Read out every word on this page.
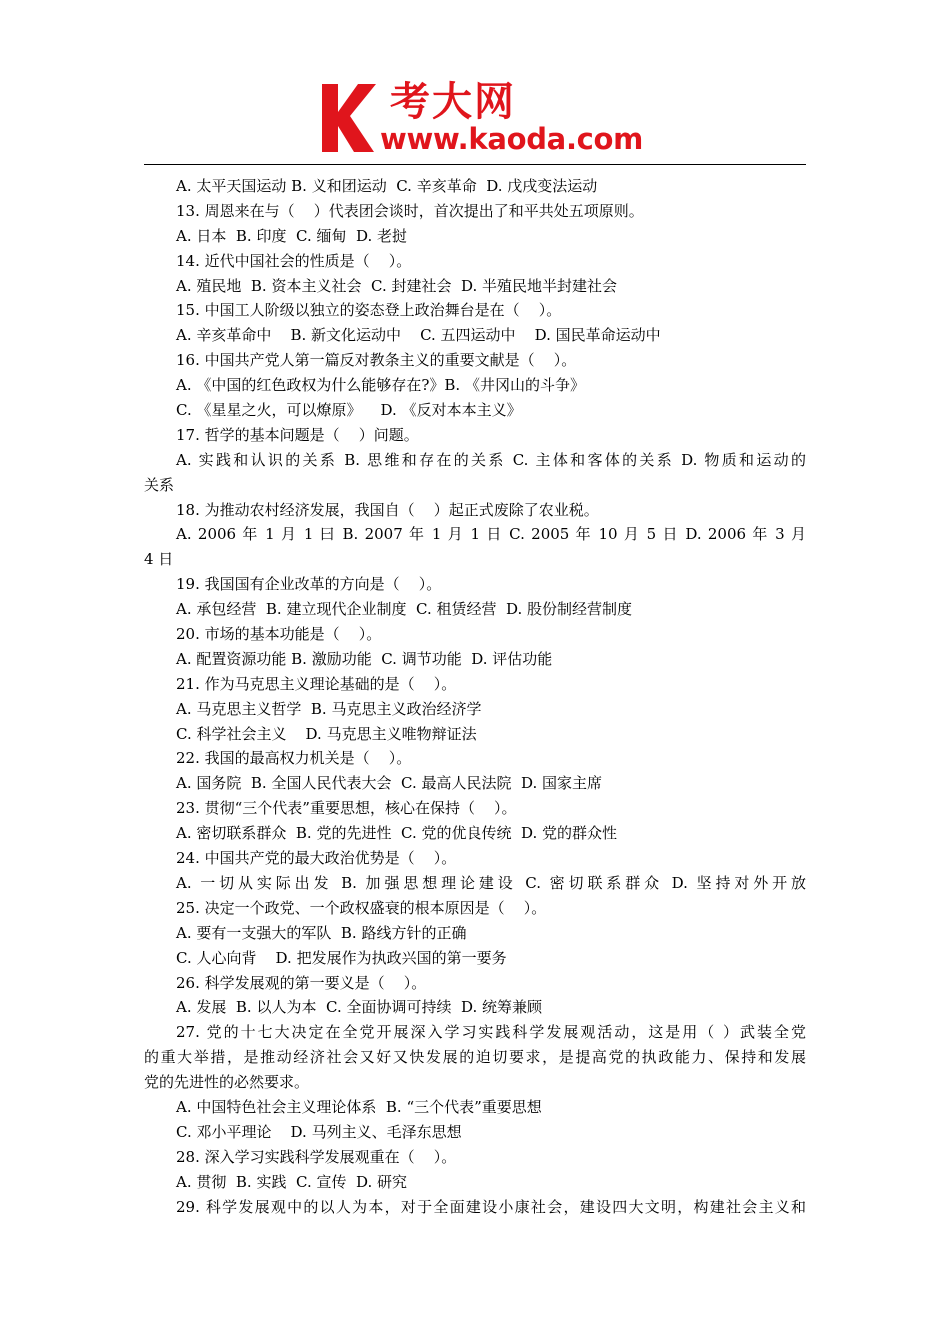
考大网
www.kaoda.com
A. 太平天国运动 B. 义和团运动  C. 辛亥革命  D. 戊戌变法运动
13. 周恩来在与（    ）代表团会谈时，首次提出了和平共处五项原则。
A. 日本  B. 印度  C. 缅甸  D. 老挝
14. 近代中国社会的性质是（    ）。
A. 殖民地  B. 资本主义社会  C. 封建社会  D. 半殖民地半封建社会
15. 中国工人阶级以独立的姿态登上政治舞台是在（    ）。
A. 辛亥革命中    B. 新文化运动中    C. 五四运动中    D. 国民革命运动中
16. 中国共产党人第一篇反对教条主义的重要文献是（    ）。
A. 《中国的红色政权为什么能够存在?》B. 《井冈山的斗争》
C. 《星星之火，可以燎原》    D. 《反对本本主义》
17. 哲学的基本问题是（    ）问题。
A. 实践和认识的关系 B. 思维和存在的关系 C. 主体和客体的关系 D. 物质和运动的
关系
18. 为推动农村经济发展，我国自（    ）起正式废除了农业税。
A. 2006 年 1 月 1 曰 B. 2007 年 1 月 1 日 C. 2005 年 10 月 5 日 D. 2006 年 3 月
4 日
19. 我国国有企业改革的方向是（    ）。
A. 承包经营  B. 建立现代企业制度  C. 租赁经营  D. 股份制经营制度
20. 市场的基本功能是（    ）。
A. 配置资源功能 B. 激励功能  C. 调节功能  D. 评估功能
21. 作为马克思主义理论基础的是（    ）。
A. 马克思主义哲学  B. 马克思主义政治经济学
C. 科学社会主义    D. 马克思主义唯物辩证法
22. 我国的最高权力机关是（    ）。
A. 国务院  B. 全国人民代表大会  C. 最高人民法院  D. 国家主席
23. 贯彻“三个代表”重要思想，核心在保持（    ）。
A. 密切联系群众  B. 党的先进性  C. 党的优良传统  D. 党的群众性
24. 中国共产党的最大政治优势是（    ）。
A. 一切从实际出发 B. 加强思想理论建设 C. 密切联系群众 D. 坚持对外开放
25. 决定一个政党、一个政权盛衰的根本原因是（    ）。
A. 要有一支强大的军队  B. 路线方针的正确
C. 人心向背    D. 把发展作为执政兴国的第一要务
26. 科学发展观的第一要义是（    ）。
A. 发展  B. 以人为本  C. 全面协调可持续  D. 统筹兼顾
27. 党的十七大决定在全党开展深入学习实践科学发展观活动，这是用（ ）武装全党
的重大举措，是推动经济社会又好又快发展的迫切要求，是提高党的执政能力、保持和发展
党的先进性的必然要求。
A. 中国特色社会主义理论体系  B. “三个代表”重要思想
C. 邓小平理论    D. 马列主义、毛泽东思想
28. 深入学习实践科学发展观重在（    ）。
A. 贯彻  B. 实践  C. 宣传  D. 研究
29. 科学发展观中的以人为本，对于全面建设小康社会，建设四大文明，构建社会主义和
